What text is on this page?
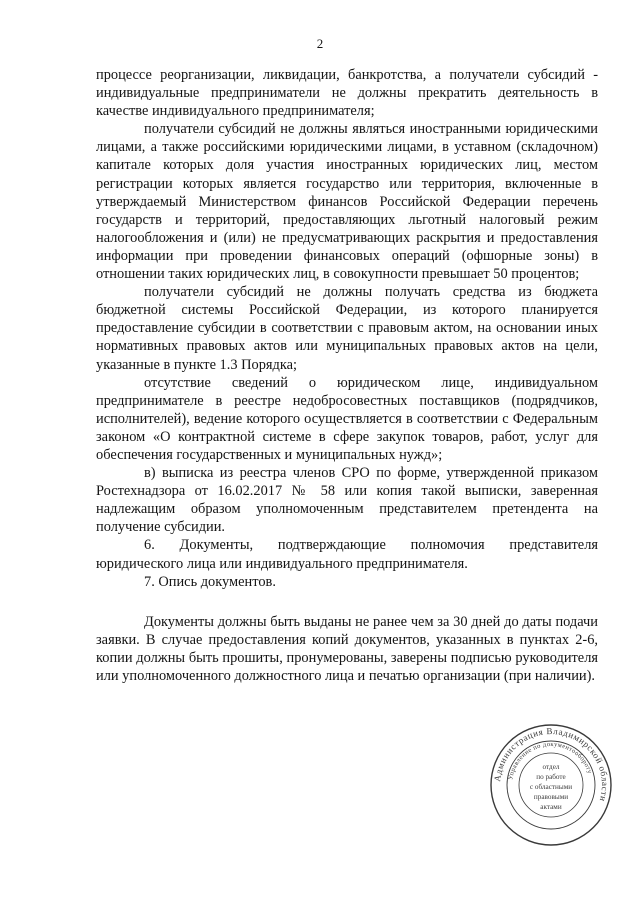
2

процессе реорганизации, ликвидации, банкротства, а получатели субсидий - индивидуальные предприниматели не должны прекратить деятельность в качестве индивидуального предпринимателя;

получатели субсидий не должны являться иностранными юридическими лицами, а также российскими юридическими лицами, в уставном (складочном) капитале которых доля участия иностранных юридических лиц, местом регистрации которых является государство или территория, включенные в утверждаемый Министерством финансов Российской Федерации перечень государств и территорий, предоставляющих льготный налоговый режим налогообложения и (или) не предусматривающих раскрытия и предоставления информации при проведении финансовых операций (офшорные зоны) в отношении таких юридических лиц, в совокупности превышает 50 процентов;

получатели субсидий не должны получать средства из бюджета бюджетной системы Российской Федерации, из которого планируется предоставление субсидии в соответствии с правовым актом, на основании иных нормативных правовых актов или муниципальных правовых актов на цели, указанные в пункте 1.3 Порядка;

отсутствие сведений о юридическом лице, индивидуальном предпринимателе в реестре недобросовестных поставщиков (подрядчиков, исполнителей), ведение которого осуществляется в соответствии с Федеральным законом «О контрактной системе в сфере закупок товаров, работ, услуг для обеспечения государственных и муниципальных нужд»;

в) выписка из реестра членов СРО по форме, утвержденной приказом Ростехнадзора от 16.02.2017 № 58 или копия такой выписки, заверенная надлежащим образом уполномоченным представителем претендента на получение субсидии.

6. Документы, подтверждающие полномочия представителя юридического лица или индивидуального предпринимателя.

7. Опись документов.

Документы должны быть выданы не ранее чем за 30 дней до даты подачи заявки. В случае предоставления копий документов, указанных в пунктах 2-6, копии должны быть прошиты, пронумерованы, заверены подписью руководителя или уполномоченного должностного лица и печатью организации (при наличии).

Администрация Владимирской области
Управление по документообороту
отдел
по работе
с областными
правовыми
актами
